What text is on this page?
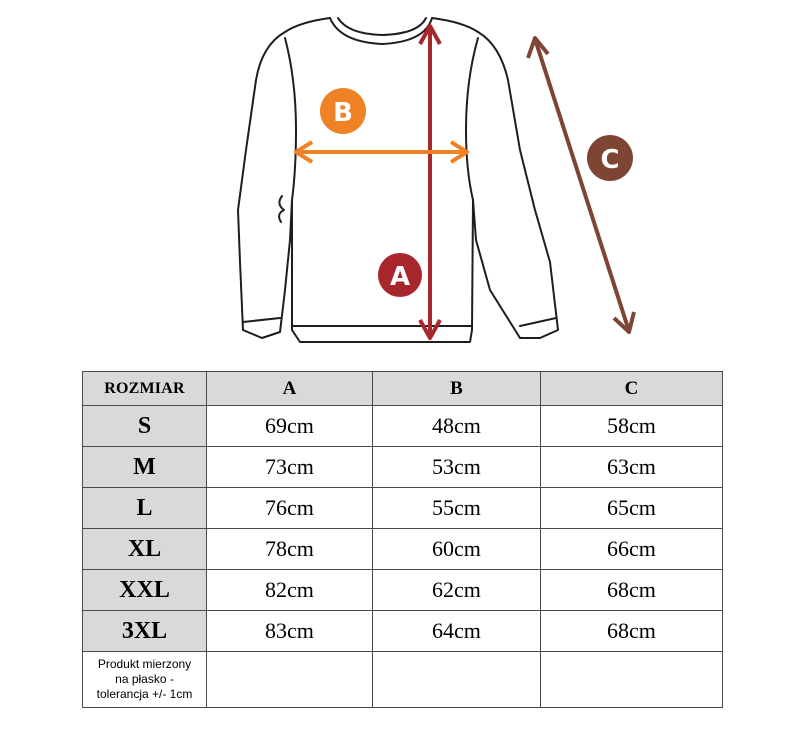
A
B
C
ROZMIAR	A	B	C
S	69cm	48cm	58cm
M	73cm	53cm	63cm
L	76cm	55cm	65cm
XL	78cm	60cm	66cm
XXL	82cm	62cm	68cm
3XL	83cm	64cm	68cm

Produkt mierzony
na płasko -
tolerancja +/- 1cm			
